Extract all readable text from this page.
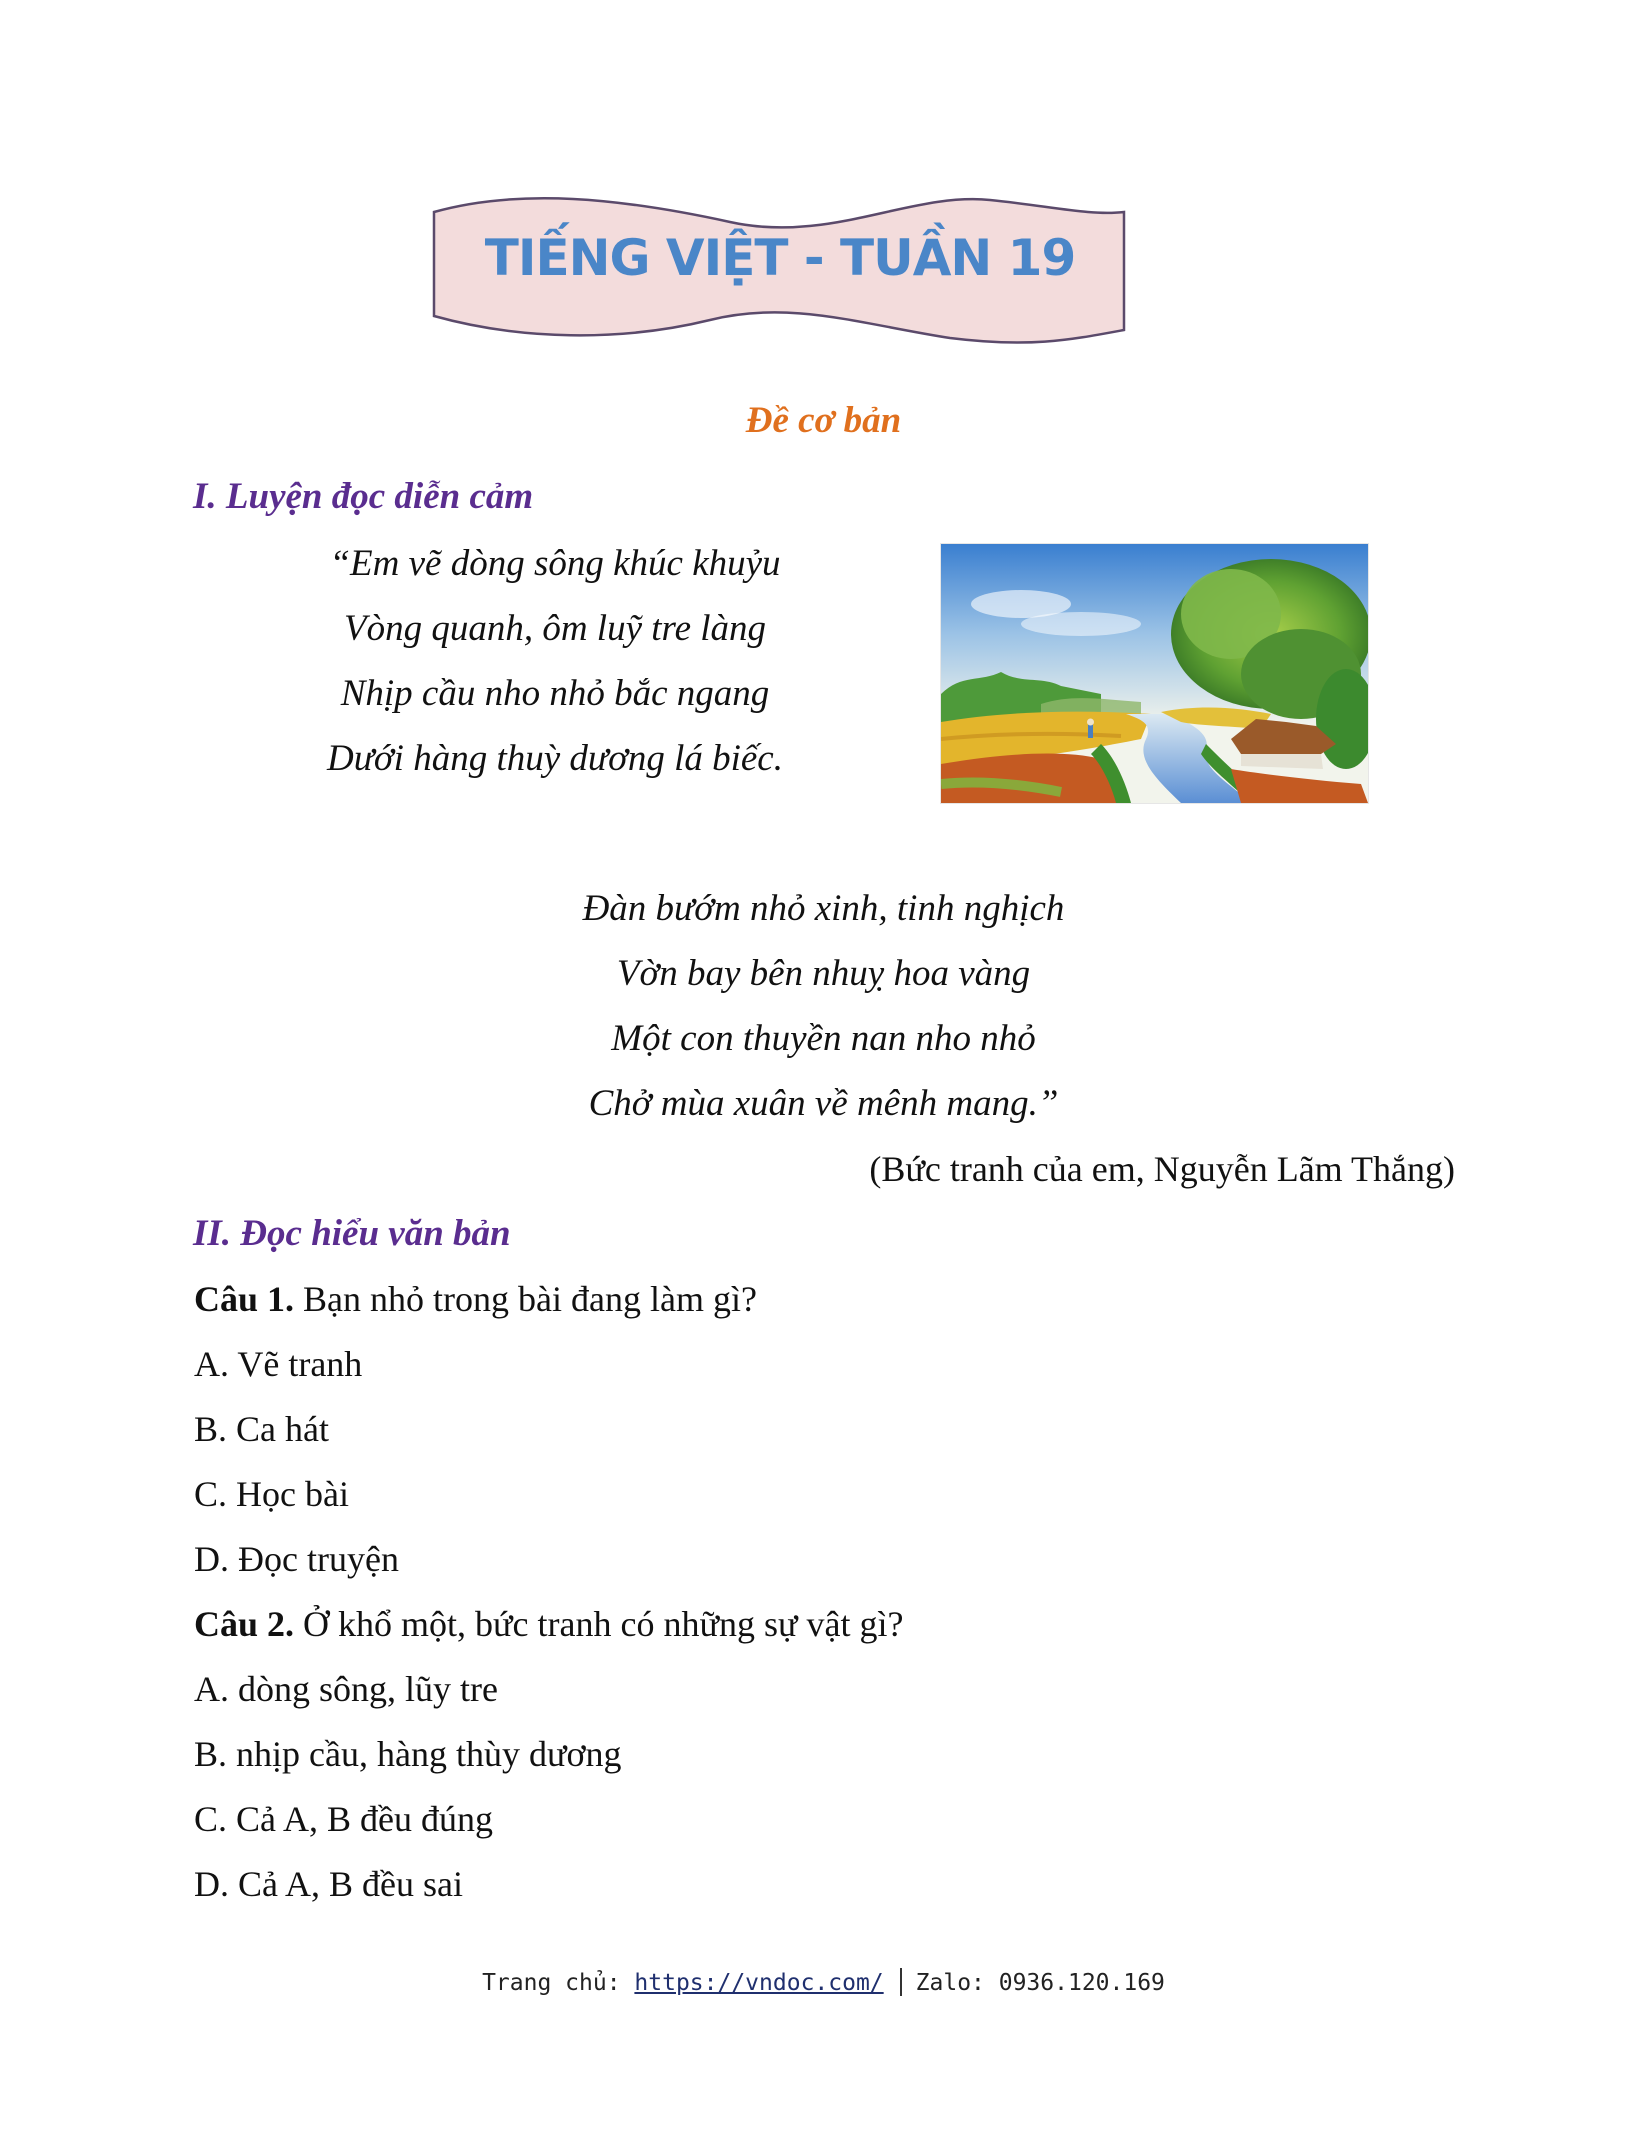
TIẾNG VIỆT - TUẦN 19
Đề cơ bản
I. Luyện đọc diễn cảm
“Em vẽ dòng sông khúc khuỷu
Vòng quanh, ôm luỹ tre làng
Nhịp cầu nho nhỏ bắc ngang
Dưới hàng thuỳ dương lá biếc.
Đàn bướm nhỏ xinh, tinh nghịch
Vờn bay bên nhuỵ hoa vàng
Một con thuyền nan nho nhỏ
Chở mùa xuân về mênh mang.”
(Bức tranh của em, Nguyễn Lãm Thắng)
II. Đọc hiểu văn bản
Câu 1. Bạn nhỏ trong bài đang làm gì?
A. Vẽ tranh
B. Ca hát
C. Học bài
D. Đọc truyện
Câu 2. Ở khổ một, bức tranh có những sự vật gì?
A. dòng sông, lũy tre
B. nhịp cầu, hàng thùy dương
C. Cả A, B đều đúng
D. Cả A, B đều sai
Trang chủ: https://vndoc.com/ Zalo: 0936.120.169
